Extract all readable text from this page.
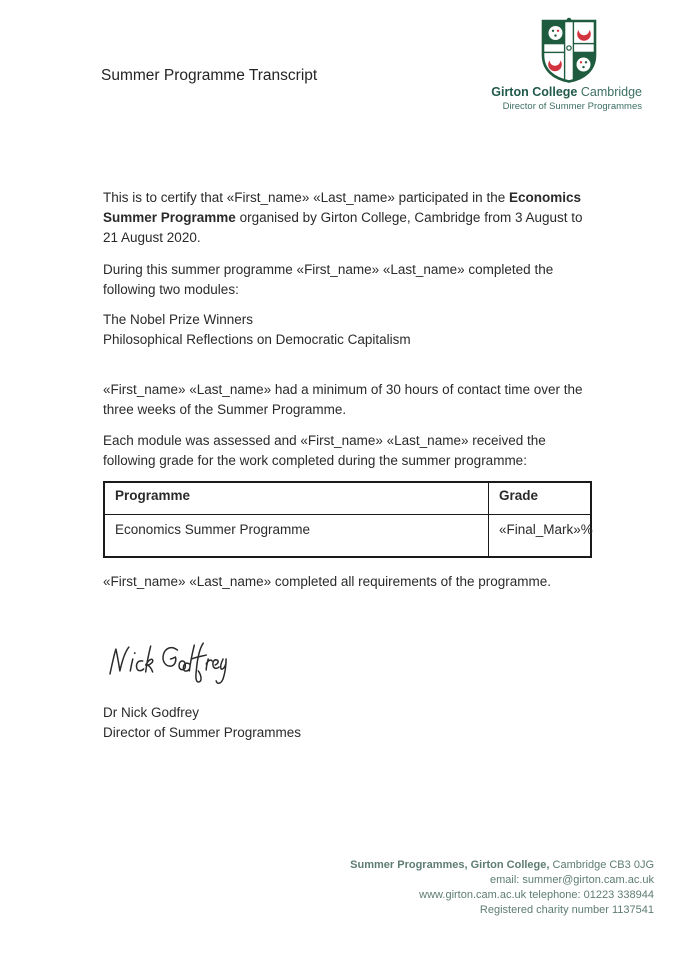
Summer Programme Transcript
Girton College Cambridge
Director of Summer Programmes
This is to certify that «First_name» «Last_name» participated in the Economics Summer Programme organised by Girton College, Cambridge from 3 August to 21 August 2020.
During this summer programme «First_name» «Last_name» completed the following two modules:
The Nobel Prize Winners
Philosophical Reflections on Democratic Capitalism
«First_name» «Last_name» had a minimum of 30 hours of contact time over the three weeks of the Summer Programme.
Each module was assessed and «First_name» «Last_name» received the following grade for the work completed during the summer programme:
Programme	Grade
Economics Summer Programme	«Final_Mark»%
«First_name» «Last_name» completed all requirements of the programme.
Dr Nick Godfrey
Director of Summer Programmes
Summer Programmes, Girton College, Cambridge CB3 0JG
email: summer@girton.cam.ac.uk
www.girton.cam.ac.uk telephone: 01223 338944
Registered charity number 1137541
